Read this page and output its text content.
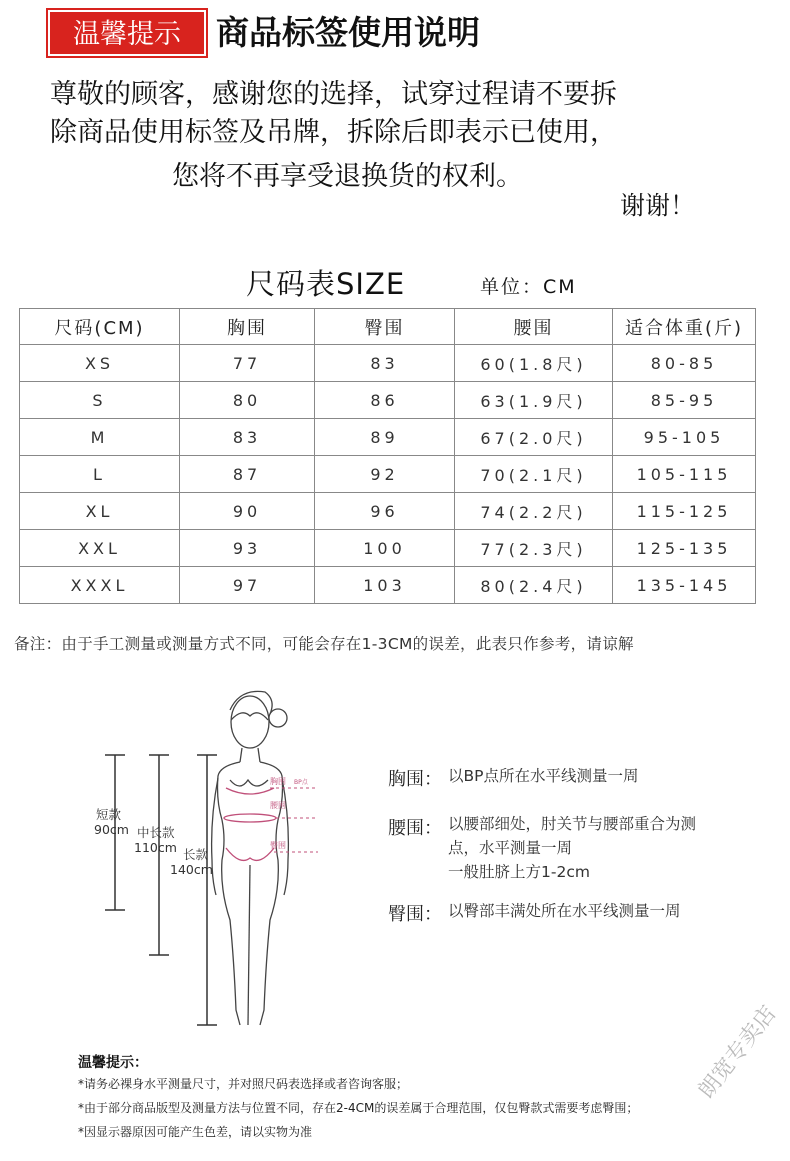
温馨提示	商品标签使用说明
尊敬的顾客，感谢您的选择，试穿过程请不要拆
除商品使用标签及吊牌，拆除后即表示已使用，
您将不再享受退换货的权利。
谢谢！
尺码表SIZE	单位：CM
尺码(CM)	胸围	臀围	腰围	适合体重(斤)
XS	77	83	60(1.8尺)	80-85
S	80	86	63(1.9尺)	85-95
M	83	89	67(2.0尺)	95-105
L	87	92	70(2.1尺)	105-115
XL	90	96	74(2.2尺)	115-125
XXL	93	100	77(2.3尺)	125-135
XXXL	97	103	80(2.4尺)	135-145
备注：由于手工测量或测量方式不同，可能会存在1-3CM的误差，此表只作参考，请谅解
胸围 BP点
腰围
臀围
短款
90cm 中长款
110cm 长款
140cm
胸围： 以BP点所在水平线测量一周
腰围： 以腰部细处，肘关节与腰部重合为测
点，水平测量一周
一般肚脐上方1-2cm
臀围： 以臀部丰满处所在水平线测量一周
温馨提示：
*请务必裸身水平测量尺寸，并对照尺码表选择或者咨询客服；
*由于部分商品版型及测量方法与位置不同，存在2-4CM的误差属于合理范围，仅包臀款式需要考虑臀围；
*因显示器原因可能产生色差，请以实物为准
朗宽专卖店
